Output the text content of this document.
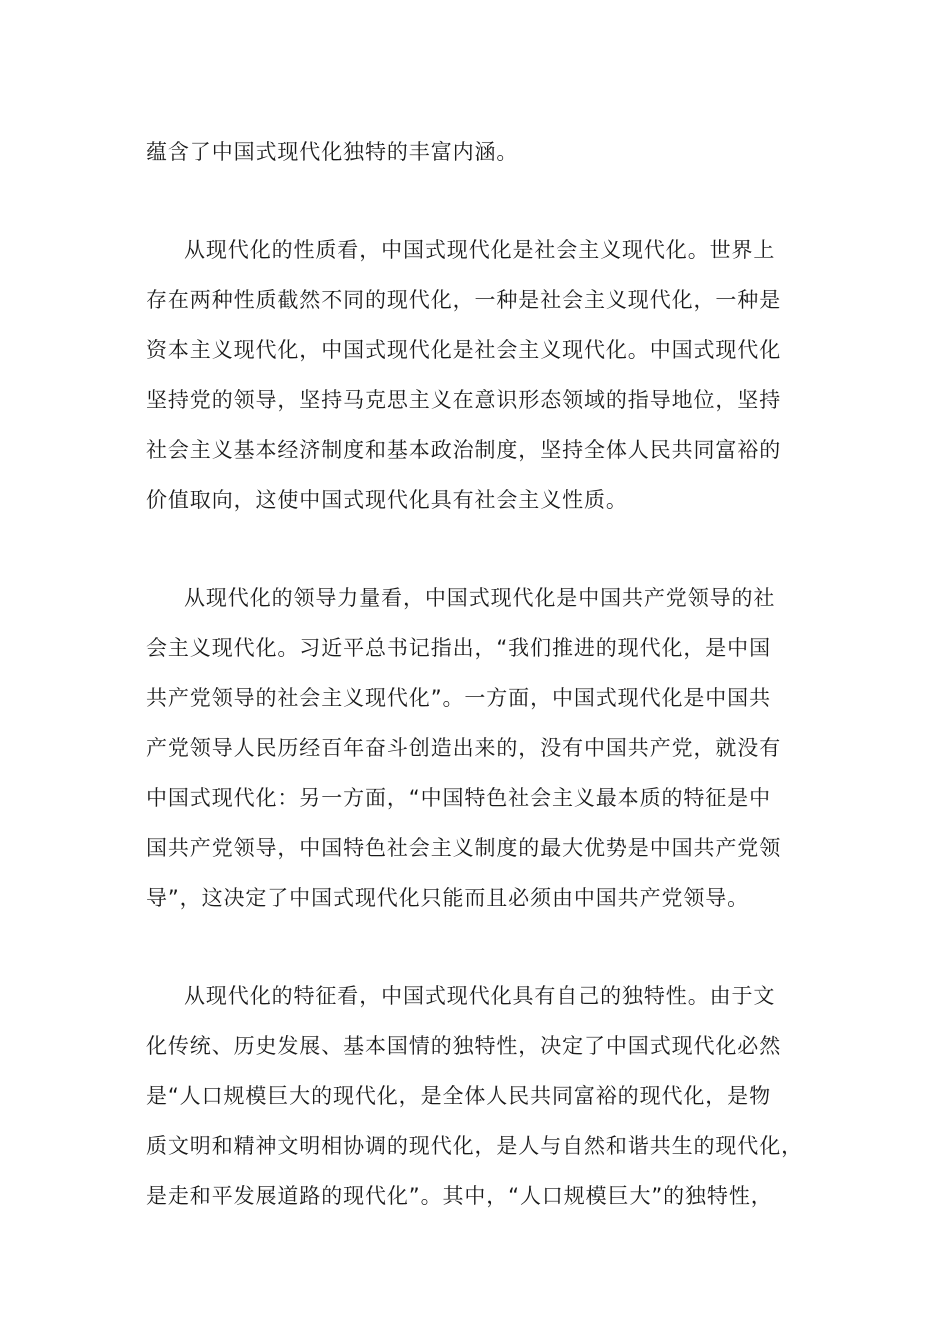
蕴含了中国式现代化独特的丰富内涵。
从现代化的性质看，中国式现代化是社会主义现代化。世界上
存在两种性质截然不同的现代化，一种是社会主义现代化，一种是
资本主义现代化，中国式现代化是社会主义现代化。中国式现代化
坚持党的领导，坚持马克思主义在意识形态领域的指导地位，坚持
社会主义基本经济制度和基本政治制度，坚持全体人民共同富裕的
价值取向，这使中国式现代化具有社会主义性质。
从现代化的领导力量看，中国式现代化是中国共产党领导的社
会主义现代化。习近平总书记指出，“我们推进的现代化，是中国
共产党领导的社会主义现代化”。一方面，中国式现代化是中国共
产党领导人民历经百年奋斗创造出来的，没有中国共产党，就没有
中国式现代化：另一方面，“中国特色社会主义最本质的特征是中
国共产党领导，中国特色社会主义制度的最大优势是中国共产党领
导”，这决定了中国式现代化只能而且必须由中国共产党领导。
从现代化的特征看，中国式现代化具有自己的独特性。由于文
化传统、历史发展、基本国情的独特性，决定了中国式现代化必然
是“人口规模巨大的现代化，是全体人民共同富裕的现代化，是物
质文明和精神文明相协调的现代化，是人与自然和谐共生的现代化，
是走和平发展道路的现代化”。其中，“人口规模巨大”的独特性，
